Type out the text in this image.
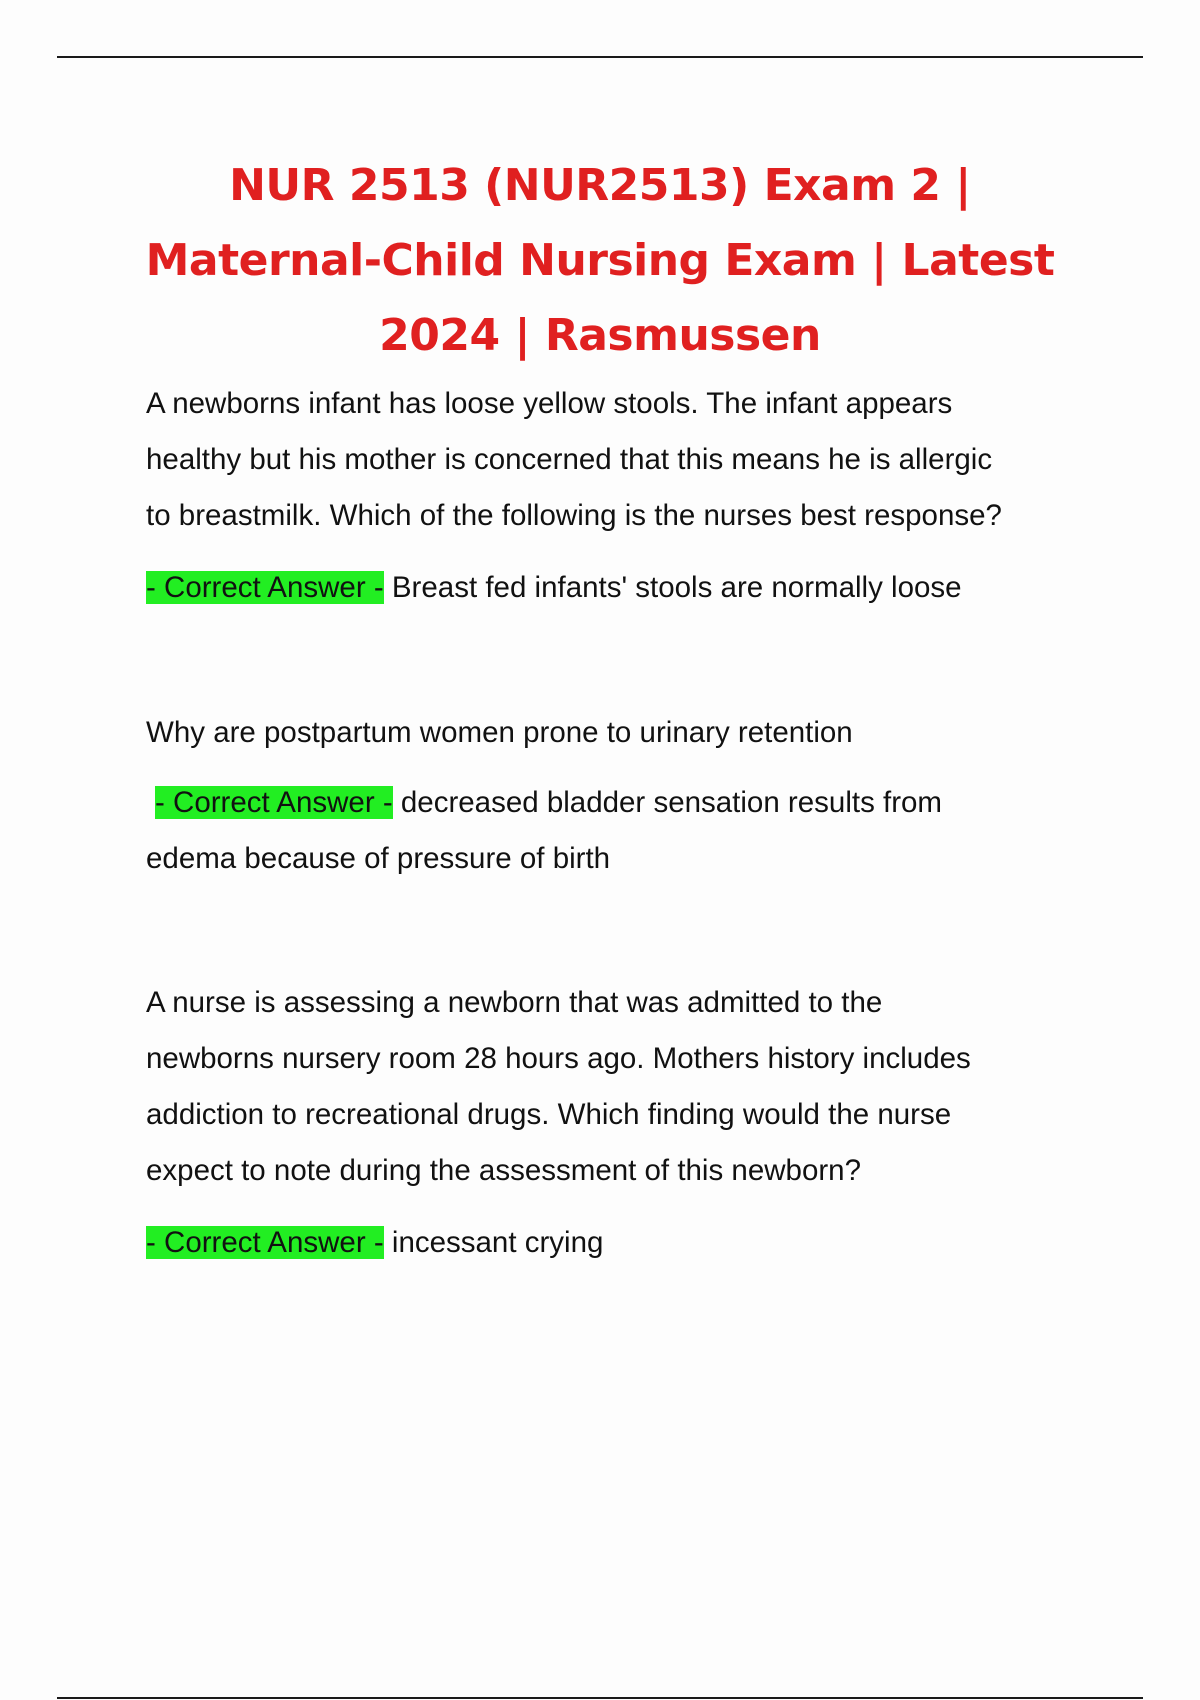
NUR 2513 (NUR2513) Exam 2 |
Maternal-Child Nursing Exam | Latest
2024 | Rasmussen

A newborns infant has loose yellow stools. The infant appears
healthy but his mother is concerned that this means he is allergic
to breastmilk. Which of the following is the nurses best response?

- Correct Answer - Breast fed infants' stools are normally loose

Why are postpartum women prone to urinary retention

- Correct Answer - decreased bladder sensation results from
edema because of pressure of birth

A nurse is assessing a newborn that was admitted to the
newborns nursery room 28 hours ago. Mothers history includes
addiction to recreational drugs. Which finding would the nurse
expect to note during the assessment of this newborn?

- Correct Answer - incessant crying
